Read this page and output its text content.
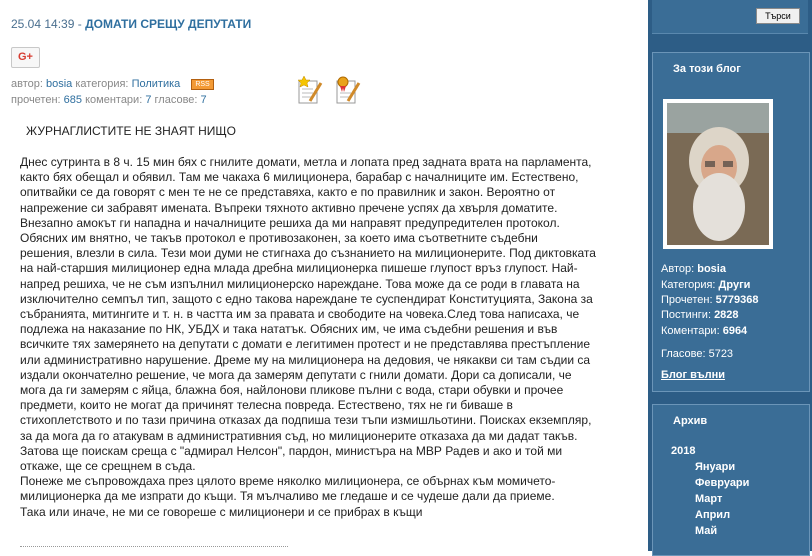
25.04 14:39 - ДОМАТИ СРЕЩУ ДЕПУТАТИ
G+
автор: bosia категория: Политика RSS
прочетен: 685 коментари: 7 гласове: 7
ЖУРНАГЛИСТИТЕ НЕ ЗНАЯТ НИЩО

Днес сутринта в 8 ч. 15 мин бях с гнилите домати, метла и лопата пред задната врата на парламента,

както бях обещал и обявил. Там ме чакаха 6 милиционера, барабар с началниците им. Естествено,

опитвайки се да говорят с мен те не се представяха, както е по правилник и закон. Вероятно от

напрежение си забравят имената. Въпреки тяхното активно пречене успях да хвърля доматите.

Внезапно амокът ги нападна и началниците решиха да ми направят предупредителен протокол.

Обясних им внятно, че такъв протокол е противозаконен, за което има съответните съдебни

решения, влезли в сила. Тези мои думи не стигнаха до съзнанието на милиционерите. Под диктовката

на най-старшия милиционер една млада дребна милиционерка пишеше глупост връз глупост. Най-

напред решиха, че не съм изпълнил милиционерско нареждане. Това може да се роди в главата на

изключително семпъл тип, защото с едно такова нареждане те суспендират Конституцията, Закона за

събранията, митингите и т. н. в частта им за правата и свободите на човека.След това написаха, че

подлежа на наказание по НК, УБДХ и така нататък. Обясних им, че има съдебни решения и във

всичките тях замерянето на депутати с домати е легитимен протест и не представлява престъпление

или административно нарушение. Дреме му на милиционера на дедовия, че някакви си там съдии са

издали окончателно решение, че мога да замерям депутати с гнили домати. Дори са дописали, че

мога да ги замерям с яйца, блажна боя, найлонови пликове пълни с вода, стари обувки и прочее

предмети, които не могат да причинят телесна повреда. Естествено, тях не ги биваше в

стихоплетството и по тази причина отказах да подпиша тези тъпи измишльотини. Поисках екземпляр,

за да мога да го атакувам в административния съд, но милиционерите отказаха да ми дадат такъв.

Затова ще поискам среща с "адмирал Нелсон", пардон, министъра на МВР Радев и ако и той ми

откаже, ще се срещнем в съда.

Понеже ме съпровождаха през цялото време няколко милиционера, се обърнах към момичето-

милиционерка да ме изпрати до къщи. Тя мълчаливо ме гледаше и се чудеше дали да приеме.

Така или иначе, не ми се говореше с милиционери и се прибрах в къщи

Търси
За този блог
Автор: bosia
Категория: Други
Прочетен: 5779368
Постинги: 2828
Коментари: 6964
Гласове: 5723
Блог вълни
Архив
2018
Януари
Февруари
Март
Април
Май
